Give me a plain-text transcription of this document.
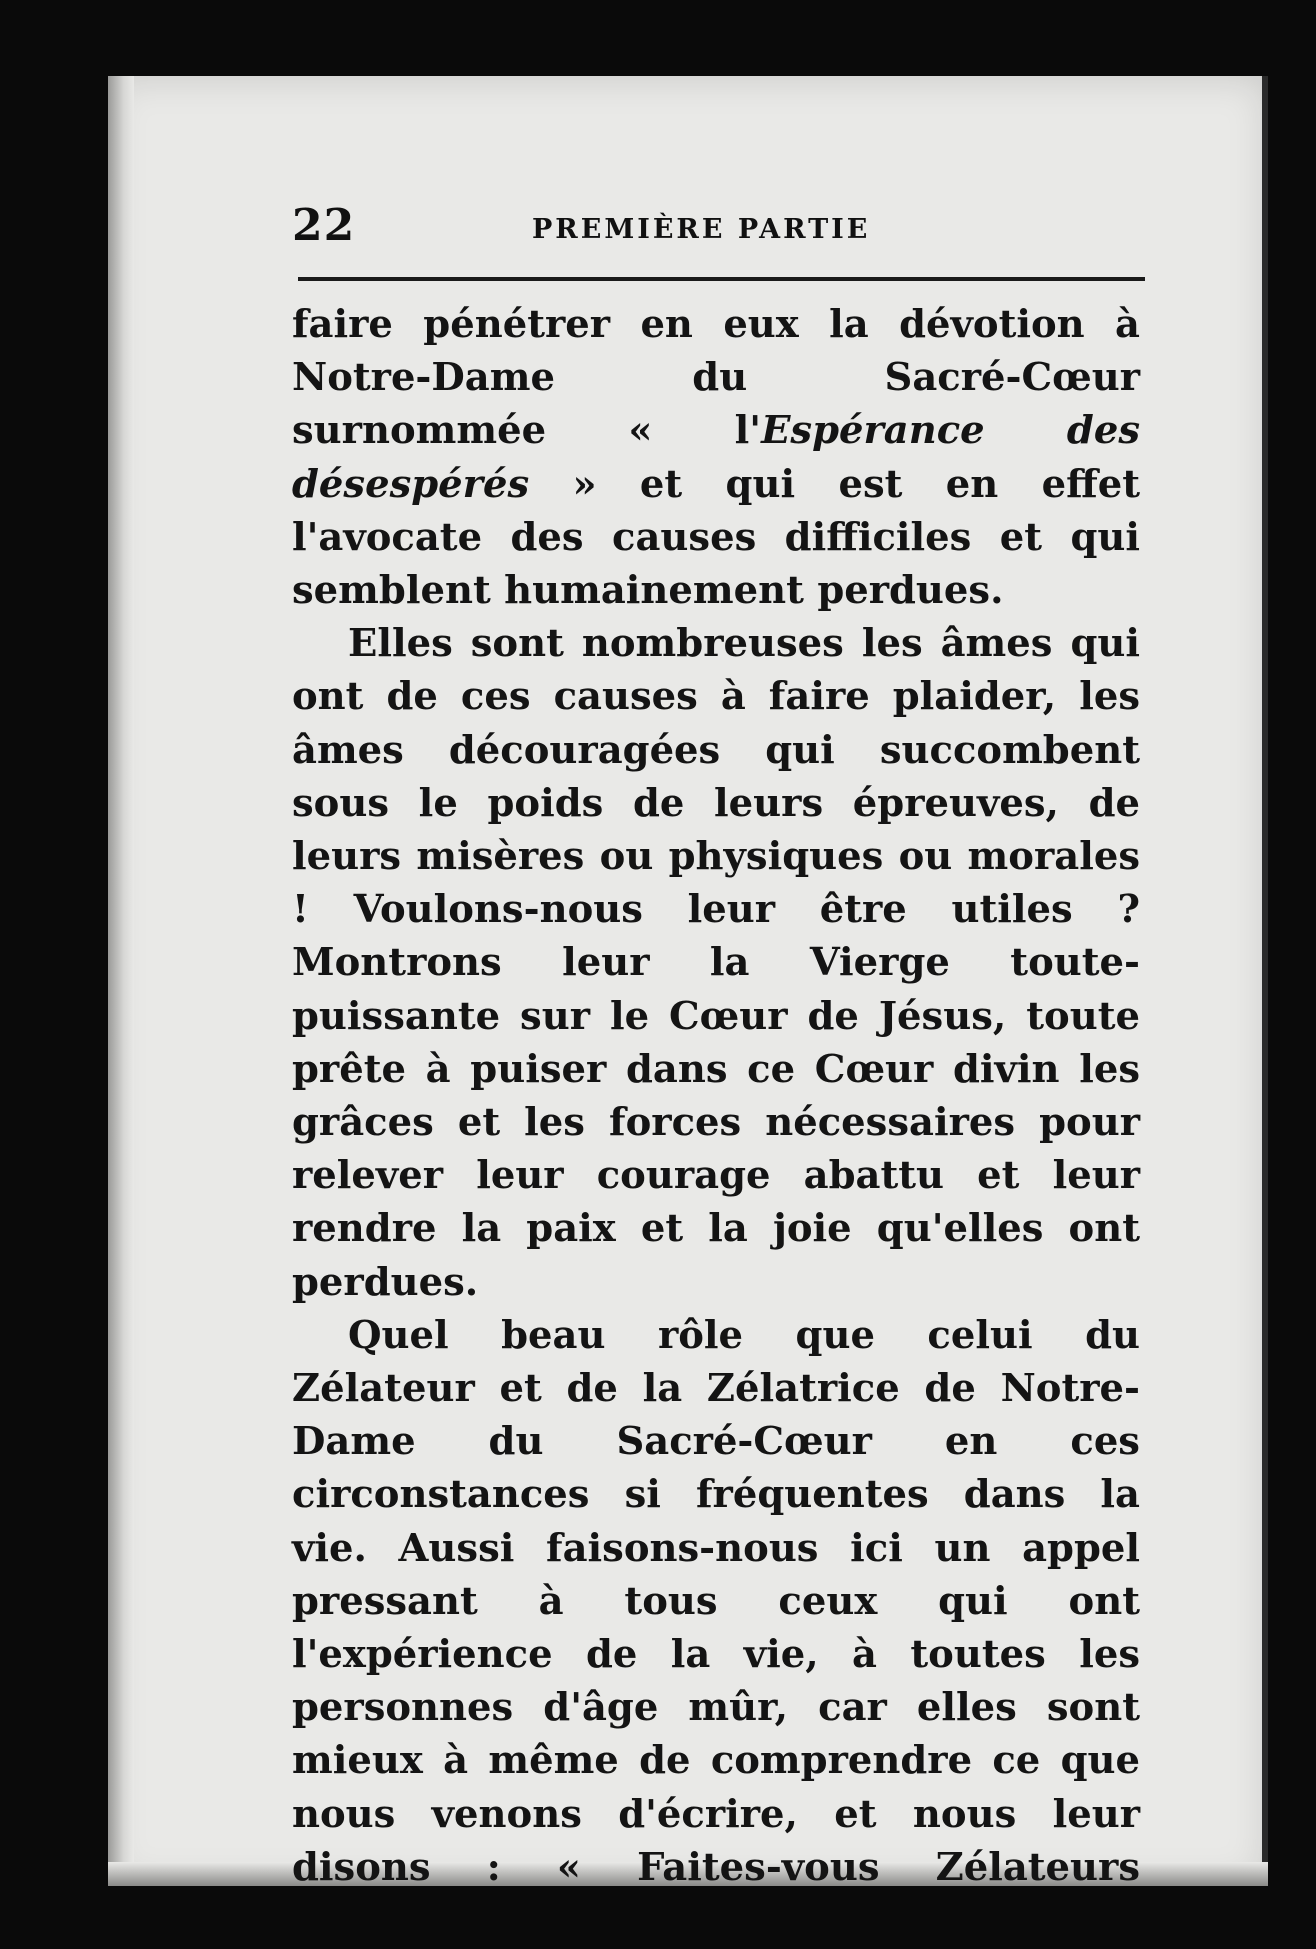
22	PREMIÈRE PARTIE

faire pénétrer en eux la dévotion à Notre-Dame du Sacré-Cœur surnommée « l'Espérance des désespérés » et qui est en effet l'avocate des causes difficiles et qui semblent humainement perdues.

Elles sont nombreuses les âmes qui ont de ces causes à faire plaider, les âmes découragées qui succombent sous le poids de leurs épreuves, de leurs misères ou physiques ou morales ! Voulons-nous leur être utiles ? Montrons leur la Vierge toute-puissante sur le Cœur de Jésus, toute prête à puiser dans ce Cœur divin les grâces et les forces nécessaires pour relever leur courage abattu et leur rendre la paix et la joie qu'elles ont perdues.

Quel beau rôle que celui du Zélateur et de la Zélatrice de Notre-Dame du Sacré-Cœur en ces circonstances si fréquentes dans la vie. Aussi faisons-nous ici un appel pressant à tous ceux qui ont l'expérience de la vie, à toutes les personnes d'âge mûr, car elles sont mieux à même de comprendre ce que nous venons d'écrire, et nous leur disons : « Faites-vous Zélateurs
